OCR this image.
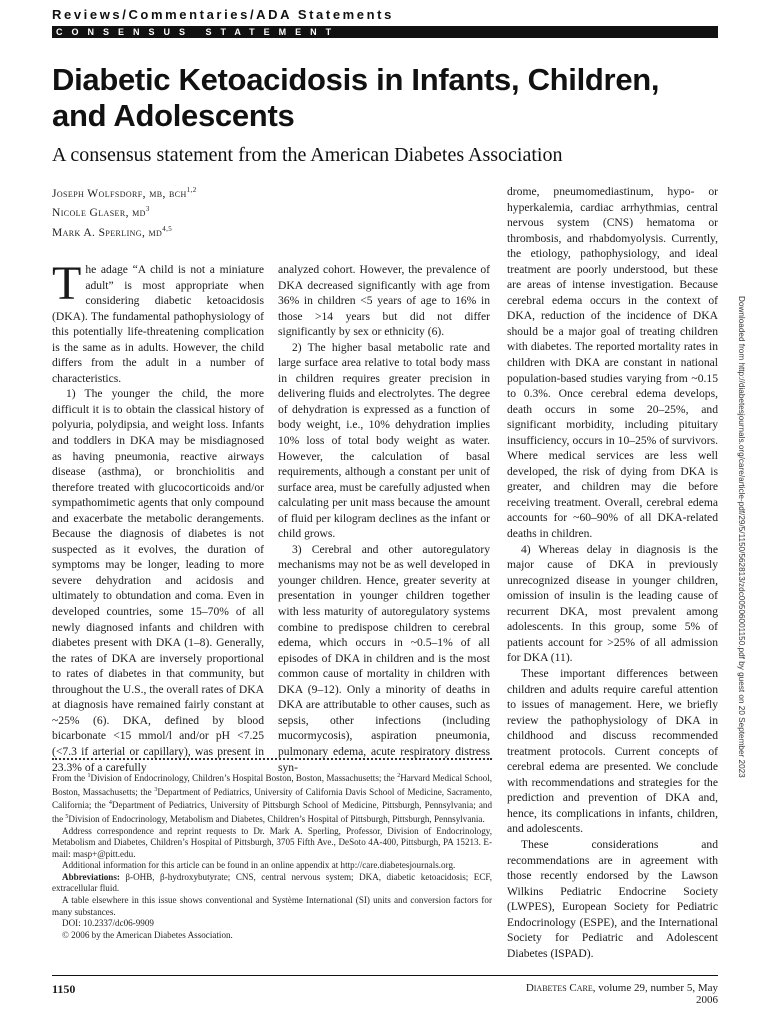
Reviews/Commentaries/ADA Statements
CONSENSUS STATEMENT
Diabetic Ketoacidosis in Infants, Children, and Adolescents
A consensus statement from the American Diabetes Association
Joseph Wolfsdorf, mb, bch$^{1,2}$
Nicole Glaser, $md^3$
Mark A. Sperling, md$^{4,5}$

The adage “A child is not a miniature adult” is most appropriate when considering diabetic ketoacidosis (DKA). The fundamental pathophysiology of this potentially life-threatening complication is the same as in adults. However, the child differs from the adult in a number of characteristics.

1) The younger the child, the more difficult it is to obtain the classical history of polyuria, polydipsia, and weight loss. Infants and toddlers in DKA may be misdiagnosed as having pneumonia, reactive airways disease (asthma), or bronchiolitis and therefore treated with glucocorticoids and/or sympathomimetic agents that only compound and exacerbate the metabolic derangements. Because the diagnosis of diabetes is not suspected as it evolves, the duration of symptoms may be longer, leading to more severe dehydration and acidosis and ultimately to obtundation and coma. Even in developed countries, some 15–70% of all newly diagnosed infants and children with diabetes present with DKA (1–8). Generally, the rates of DKA are inversely proportional to rates of diabetes in that community, but throughout the U.S., the overall rates of DKA at diagnosis have remained fairly constant at ~25% (6). DKA, defined by blood bicarbonate <15 mmol/l and/or pH <7.25 (<7.3 if arterial or capillary), was present in 23.3% of a carefully

analyzed cohort. However, the prevalence of DKA decreased significantly with age from 36% in children <5 years of age to 16% in those >14 years but did not differ significantly by sex or ethnicity (6).

2) The higher basal metabolic rate and large surface area relative to total body mass in children requires greater precision in delivering fluids and electrolytes. The degree of dehydration is expressed as a function of body weight, i.e., 10% dehydration implies 10% loss of total body weight as water. However, the calculation of basal requirements, although a constant per unit of surface area, must be carefully adjusted when calculating per unit mass because the amount of fluid per kilogram declines as the infant or child grows.

3) Cerebral and other autoregulatory mechanisms may not be as well developed in younger children. Hence, greater severity at presentation in younger children together with less maturity of autoregulatory systems combine to predispose children to cerebral edema, which occurs in ~0.5–1% of all episodes of DKA in children and is the most common cause of mortality in children with DKA (9–12). Only a minority of deaths in DKA are attributable to other causes, such as sepsis, other infections (including mucormycosis), aspiration pneumonia, pulmonary edema, acute respiratory distress syn-

drome, pneumomediastinum, hypo- or hyperkalemia, cardiac arrhythmias, central nervous system (CNS) hematoma or thrombosis, and rhabdomyolysis. Currently, the etiology, pathophysiology, and ideal treatment are poorly understood, but these are areas of intense investigation. Because cerebral edema occurs in the context of DKA, reduction of the incidence of DKA should be a major goal of treating children with diabetes. The reported mortality rates in children with DKA are constant in national population-based studies varying from ~0.15 to 0.3%. Once cerebral edema develops, death occurs in some 20–25%, and significant morbidity, including pituitary insufficiency, occurs in 10–25% of survivors. Where medical services are less well developed, the risk of dying from DKA is greater, and children may die before receiving treatment. Overall, cerebral edema accounts for ~60–90% of all DKA-related deaths in children.

4) Whereas delay in diagnosis is the major cause of DKA in previously unrecognized disease in younger children, omission of insulin is the leading cause of recurrent DKA, most prevalent among adolescents. In this group, some 5% of patients account for >25% of all admission for DKA (11).

These important differences between children and adults require careful attention to issues of management. Here, we briefly review the pathophysiology of DKA in childhood and discuss recommended treatment protocols. Current concepts of cerebral edema are presented. We conclude with recommendations and strategies for the prediction and prevention of DKA and, hence, its complications in infants, children, and adolescents.

These considerations and recommendations are in agreement with those recently endorsed by the Lawson Wilkins Pediatric Endocrine Society (LWPES), European Society for Pediatric Endocrinology (ESPE), and the International Society for Pediatric and Adolescent Diabetes (ISPAD).

From the $^1$Division of Endocrinology, Children’s Hospital Boston, Boston, Massachusetts; the $^2$Harvard Medical School, Boston, Massachusetts; the $^3$Department of Pediatrics, University of California Davis School of Medicine, Sacramento, California; the $^4$Department of Pediatrics, University of Pittsburgh School of Medicine, Pittsburgh, Pennsylvania; and the $^5$Division of Endocrinology, Metabolism and Diabetes, Children’s Hospital of Pittsburgh, Pittsburgh, Pennsylvania.

Address correspondence and reprint requests to Dr. Mark A. Sperling, Professor, Division of Endocrinology, Metabolism and Diabetes, Children’s Hospital of Pittsburgh, 3705 Fifth Ave., DeSoto 4A-400, Pittsburgh, PA 15213. E-mail: masp+@pitt.edu.

Additional information for this article can be found in an online appendix at http://care.diabetesjournals.org.

Abbreviations: β-OHB, β-hydroxybutyrate; CNS, central nervous system; DKA, diabetic ketoacidosis; ECF, extracellular fluid.

A table elsewhere in this issue shows conventional and Système International (SI) units and conversion factors for many substances.

DOI: 10.2337/dc06-9909

© 2006 by the American Diabetes Association.

1150	Diabetes Care, volume 29, number 5, May 2006
Downloaded from http://diabetesjournals.org/care/article-pdf/29/5/1150/562813/zdc00506001150.pdf by guest on 20 September 2023
